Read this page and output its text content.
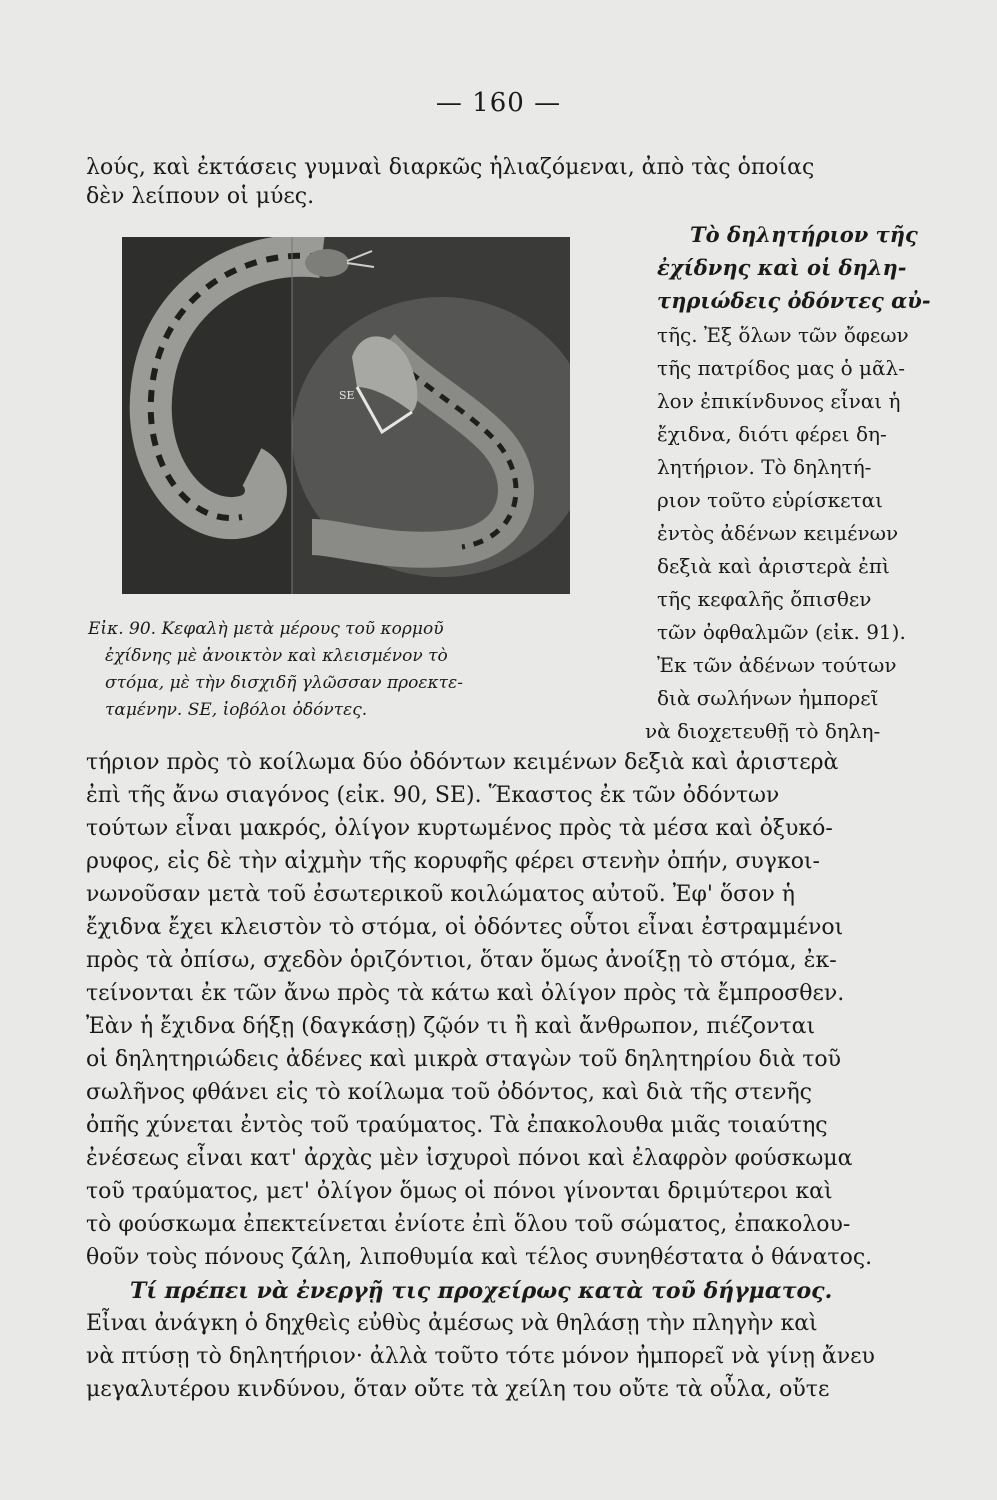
— 160 —
λούς, καὶ ἐκτάσεις γυμναὶ διαρκῶς ἡλιαζόμεναι, ἀπὸ τὰς ὁποίας
δὲν λείπουν οἱ μύες.
SE
Εἰκ. 90. Κεφαλὴ μετὰ μέρους τοῦ κορμοῦ
ἐχίδνης μὲ ἀνοικτὸν καὶ κλεισμένον τὸ
στόμα, μὲ τὴν δισχιδῆ γλῶσσαν προεκτε-
ταμένην. SE, ἰοβόλοι ὀδόντες.
Τὸ δηλητήριον τῆς
ἐχίδνης καὶ οἱ δηλη-
τηριώδεις ὀδόντες αὐ-
τῆς. Ἐξ ὅλων τῶν ὄφεων
τῆς πατρίδος μας ὁ μᾶλ-
λον ἐπικίνδυνος εἶναι ἡ
ἔχιδνα, διότι φέρει δη-
λητήριον. Τὸ δηλητή-
ριον τοῦτο εὑρίσκεται
ἐντὸς ἀδένων κειμένων
δεξιὰ καὶ ἀριστερὰ ἐπὶ
τῆς κεφαλῆς ὄπισθεν
τῶν ὀφθαλμῶν (εἰκ. 91).
Ἐκ τῶν ἀδένων τούτων
διὰ σωλήνων ἠμπορεῖ
νὰ διοχετευθῇ τὸ δηλη-
τήριον πρὸς τὸ κοίλωμα δύο ὀδόντων κειμένων δεξιὰ καὶ ἀριστερὰ
ἐπὶ τῆς ἄνω σιαγόνος (εἰκ. 90, SE). Ἕκαστος ἐκ τῶν ὀδόντων
τούτων εἶναι μακρός, ὀλίγον κυρτωμένος πρὸς τὰ μέσα καὶ ὀξυκό-
ρυφος, εἰς δὲ τὴν αἰχμὴν τῆς κορυφῆς φέρει στενὴν ὀπήν, συγκοι-
νωνοῦσαν μετὰ τοῦ ἐσωτερικοῦ κοιλώματος αὐτοῦ. Ἐφ' ὅσον ἡ
ἔχιδνα ἔχει κλειστὸν τὸ στόμα, οἱ ὀδόντες οὗτοι εἶναι ἐστραμμένοι
πρὸς τὰ ὀπίσω, σχεδὸν ὁριζόντιοι, ὅταν ὅμως ἀνοίξῃ τὸ στόμα, ἐκ-
τείνονται ἐκ τῶν ἄνω πρὸς τὰ κάτω καὶ ὀλίγον πρὸς τὰ ἔμπροσθεν.
Ἐὰν ἡ ἔχιδνα δήξῃ (δαγκάσῃ) ζῷόν τι ἢ καὶ ἄνθρωπον, πιέζονται
οἱ δηλητηριώδεις ἀδένες καὶ μικρὰ σταγὼν τοῦ δηλητηρίου διὰ τοῦ
σωλῆνος φθάνει εἰς τὸ κοίλωμα τοῦ ὀδόντος, καὶ διὰ τῆς στενῆς
ὀπῆς χύνεται ἐντὸς τοῦ τραύματος. Τὰ ἐπακολουθα μιᾶς τοιαύτης
ἐνέσεως εἶναι κατ' ἀρχὰς μὲν ἰσχυροὶ πόνοι καὶ ἐλαφρὸν φούσκωμα
τοῦ τραύματος, μετ' ὀλίγον ὅμως οἱ πόνοι γίνονται δριμύτεροι καὶ
τὸ φούσκωμα ἐπεκτείνεται ἐνίοτε ἐπὶ ὅλου τοῦ σώματος, ἐπακολου-
θοῦν τοὺς πόνους ζάλη, λιποθυμία καὶ τέλος συνηθέστατα ὁ θάνατος.
Τί πρέπει νὰ ἐνεργῇ τις προχείρως κατὰ τοῦ δήγματος.
Εἶναι ἀνάγκη ὁ δηχθεὶς εὐθὺς ἀμέσως νὰ θηλάσῃ τὴν πληγὴν καὶ
νὰ πτύσῃ τὸ δηλητήριον· ἀλλὰ τοῦτο τότε μόνον ἠμπορεῖ νὰ γίνῃ ἄνευ
μεγαλυτέρου κινδύνου, ὅταν οὔτε τὰ χείλη του οὔτε τὰ οὖλα, οὔτε
